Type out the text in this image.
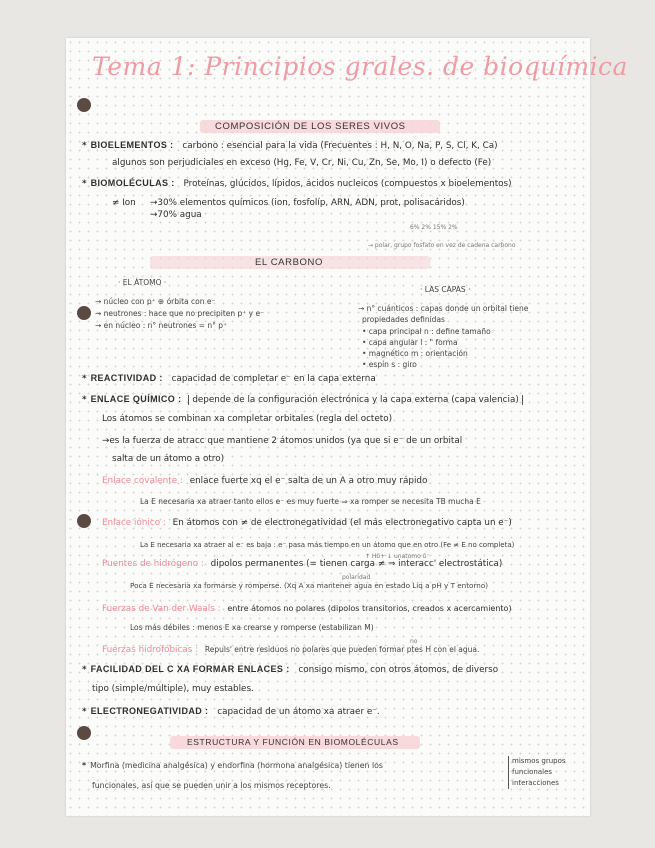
Tema 1: Principios grales. de bioquímica
COMPOSICIÓN DE LOS SERES VIVOS
* BIOELEMENTOS : carbono : esencial para la vida (Frecuentes : H, N, O, Na, P, S, Cl, K, Ca)
algunos son perjudiciales en exceso (Hg, Fe, V, Cr, Ni, Cu, Zn, Se, Mo, I) o defecto (Fe)
* BIOMOLÉCULAS : Proteínas, glúcidos, lípidos, ácidos nucleicos (compuestos x bioelementos)
≠ Ion →30% elementos químicos (ion, fosfolíp, ARN, ADN, prot, polisacáridos)
→70% agua
6% 2% 15% 2%
→ polar, grupo fosfato en vez de cadena carbono
EL CARBONO
· EL ÁTOMO ·
→ núcleo con p⁺ ⊕ órbita con e⁻
→ neutrones : hace que no precipiten p⁺ y e⁻
→ en núcleo : n° neutrones = n° p⁺
· LAS CAPAS ·
→ n° cuánticos : capas donde un orbital tiene
propiedades definidas
• capa principal n : define tamaño
• capa angular l : " forma
• magnético m : orientación
• espín s : giro
* REACTIVIDAD : capacidad de completar e⁻ en la capa externa
* ENLACE QUÍMICO : depende de la configuración electrónica y la capa externa (capa valencia)
Los átomos se combinan xa completar orbitales (regla del octeto)
→es la fuerza de atracc que mantiene 2 átomos unidos (ya que si e⁻ de un orbital
salta de un átomo a otro)
Enlace covalente : enlace fuerte xq el e⁻ salta de un A a otro muy rápido
La E necesaria xa atraer tanto ellos e⁻ es muy fuerte ⇒ xa romper se necesita TB mucha E
Enlace iónico : En átomos con ≠ de electronegatividad (el más electronegativo capta un e⁻)
La E necesaria xa atraer al e⁻ es baja : e⁻ pasa más tiempo en un átomo que en otro (Fe ≠ E no completa)
↑ Hδ+ ↓ unatomo δ⁻
Puentes de hidrógeno : dipolos permanentes (= tienen carga ≠ ⇒ interacc' electrostática)
polaridad
Poca E necesaria xa formarse y romperse. (Xq A xa mantener agua en estado Líq a pH y T entorno)
Fuerzas de Van der Waals : entre átomos no polares (dipolos transitorios, creados x acercamiento)
Los más débiles : menos E xa crearse y romperse (estabilizan M)
no
Fuerzas hidrofóbicas : Repuls' entre residuos no polares que pueden formar ptes H con el agua.
* FACILIDAD DEL C XA FORMAR ENLACES : consigo mismo, con otros átomos, de diverso
tipo (simple/múltiple), muy estables.
* ELECTRONEGATIVIDAD : capacidad de un átomo xa atraer e⁻.
ESTRUCTURA Y FUNCIÓN EN BIOMOLÉCULAS
* Morfina (medicina analgésica) y endorfina (hormona analgésica) tienen los
funcionales, así que se pueden unir a los mismos receptores.
mismos grupos
funcionales
interacciones
